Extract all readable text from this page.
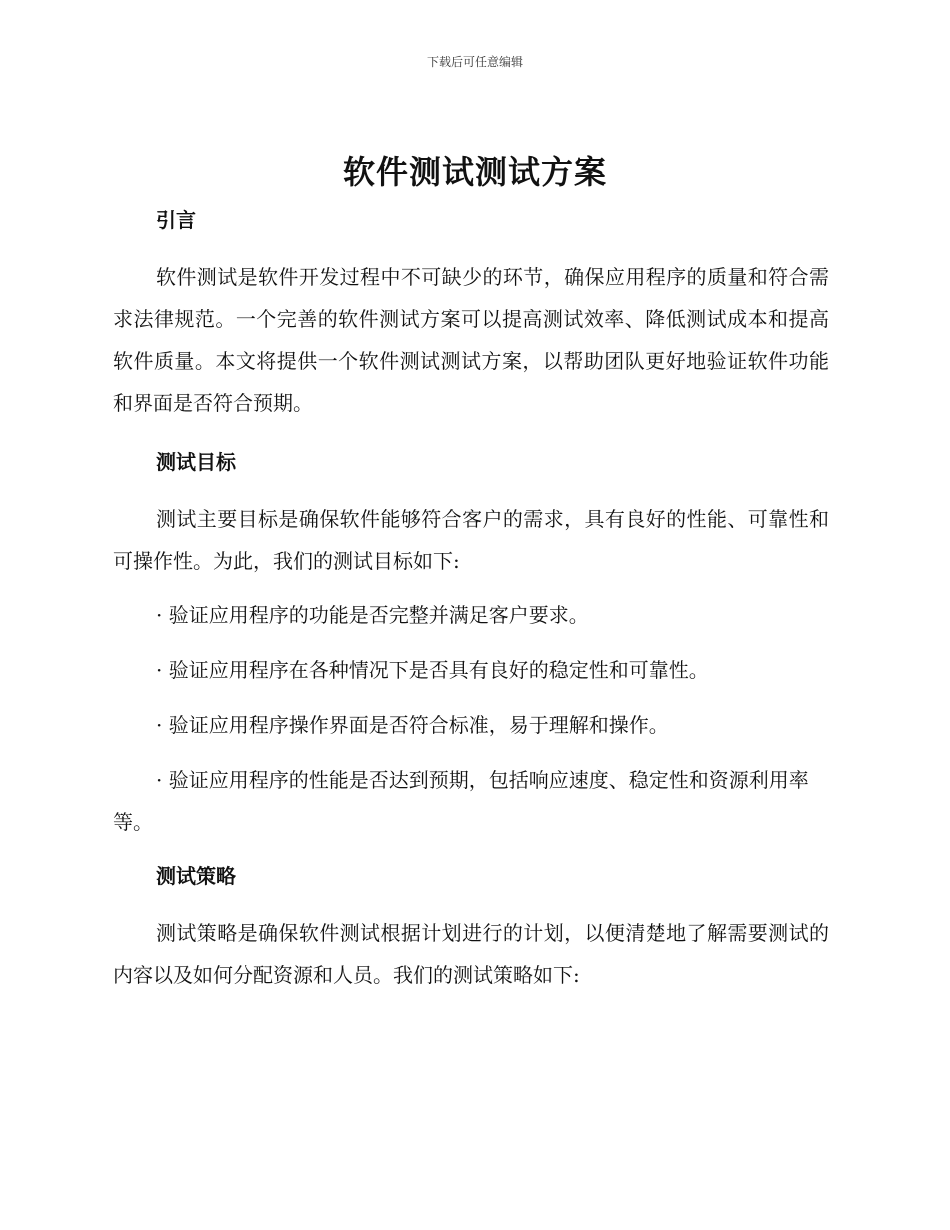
下载后可任意编辑
软件测试测试方案
引言

软件测试是软件开发过程中不可缺少的环节，确保应用程序的质量和符合需求法律规范。一个完善的软件测试方案可以提高测试效率、降低测试成本和提高软件质量。本文将提供一个软件测试测试方案，以帮助团队更好地验证软件功能和界面是否符合预期。

测试目标

测试主要目标是确保软件能够符合客户的需求，具有良好的性能、可靠性和可操作性。为此，我们的测试目标如下:

· 验证应用程序的功能是否完整并满足客户要求。
· 验证应用程序在各种情况下是否具有良好的稳定性和可靠性。
· 验证应用程序操作界面是否符合标准，易于理解和操作。
· 验证应用程序的性能是否达到预期，包括响应速度、稳定性和资源利用率等。
测试策略

测试策略是确保软件测试根据计划进行的计划，以便清楚地了解需要测试的内容以及如何分配资源和人员。我们的测试策略如下:
